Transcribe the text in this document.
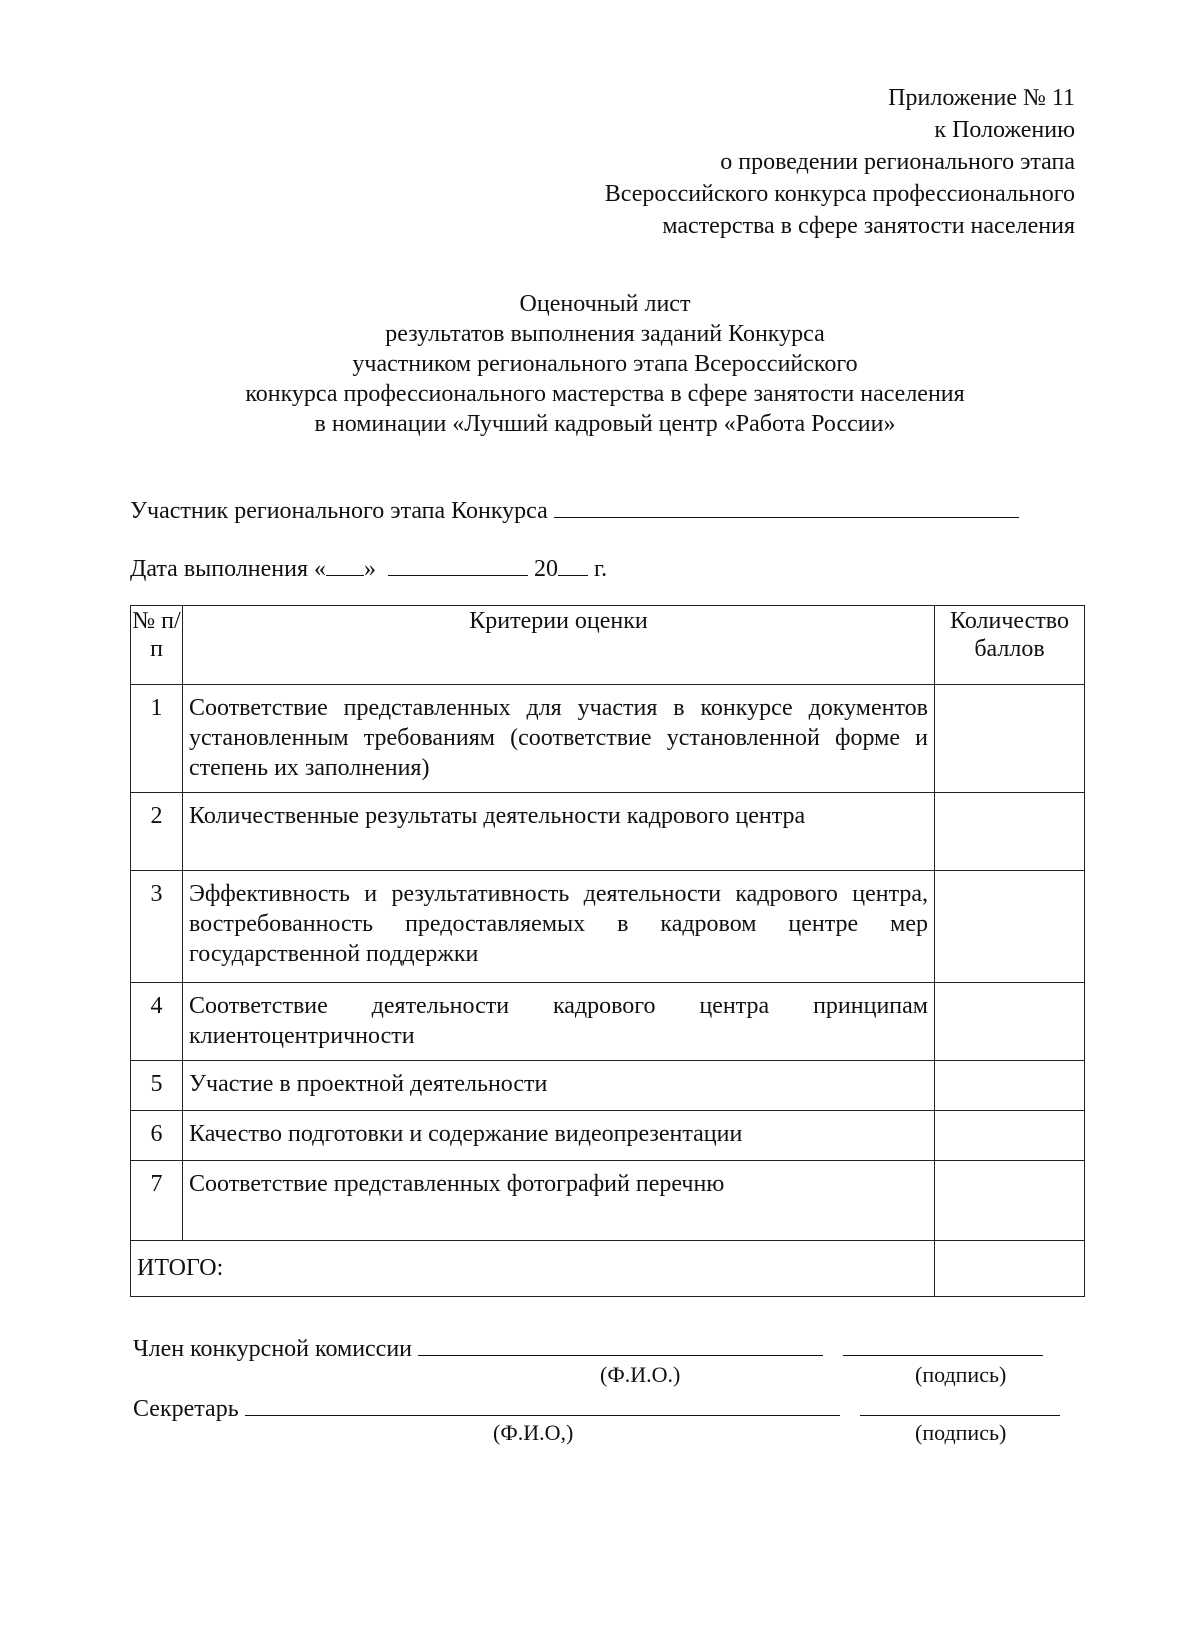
Приложение № 11
к Положению
о проведении регионального этапа
Всероссийского конкурса профессионального
мастерства в сфере занятости населения
Оценочный лист
результатов выполнения заданий Конкурса
участником регионального этапа Всероссийского
конкурса профессионального мастерства в сфере занятости населения
в номинации «Лучший кадровый центр «Работа России»
Участник регионального этапа Конкурса
Дата выполнения « »	20 г.
№ п/п	Критерии оценки	Количество баллов
1	Соответствие представленных для участия в конкурсе документов установленным требованиям (соответствие установленной форме и степень их заполнения)	
2	Количественные результаты деятельности кадрового центра	
3	Эффективность и результативность деятельности кадрового центра, востребованность предоставляемых в кадровом центре мер государственной поддержки	
4	Соответствие деятельности кадрового центра принципам клиентоцентричности	
5	Участие в проектной деятельности	
6	Качество подготовки и содержание видеопрезентации	
7	Соответствие представленных фотографий перечню	
ИТОГО:		
Член конкурсной комиссии
(Ф.И.О.)	(подпись)
Секретарь
(Ф.И.О,)	(подпись)
